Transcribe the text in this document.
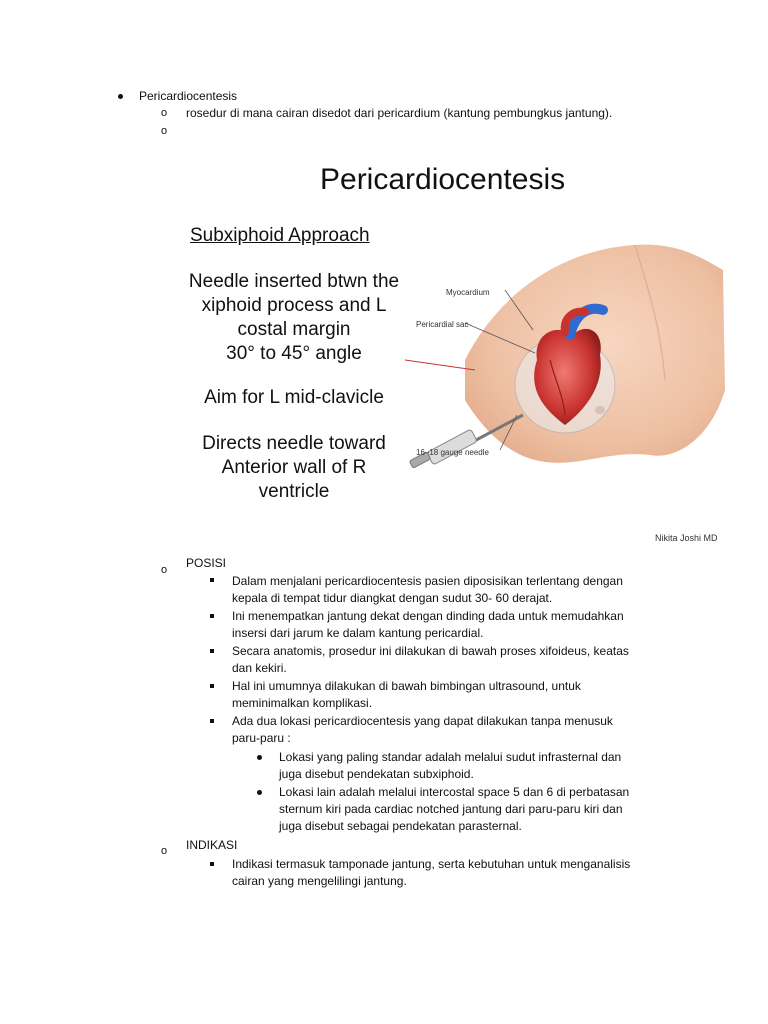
Pericardiocentesis
o rosedur di mana cairan disedot dari pericardium (kantung pembungkus jantung).
o
Pericardiocentesis
Subxiphoid Approach
Needle inserted btwn the
xiphoid process and L
costal margin
30° to 45° angle
Aim for L mid-clavicle
Directs needle toward
Anterior wall of R
ventricle
Myocardium
Pericardial sac
16–18 gauge needle
Nikita Joshi MD
o POSISI
Dalam menjalani pericardiocentesis pasien diposisikan terlentang dengan
kepala di tempat tidur diangkat dengan sudut 30- 60 derajat.
Ini menempatkan jantung dekat dengan dinding dada untuk memudahkan
insersi dari jarum ke dalam kantung pericardial.
Secara anatomis, prosedur ini dilakukan di bawah proses xifoideus, keatas
dan kekiri.
Hal ini umumnya dilakukan di bawah bimbingan ultrasound, untuk
meminimalkan komplikasi.
Ada dua lokasi pericardiocentesis yang dapat dilakukan tanpa menusuk
paru-paru :
Lokasi yang paling standar adalah melalui sudut infrasternal dan
juga disebut pendekatan subxiphoid.
Lokasi lain adalah melalui intercostal space 5 dan 6 di perbatasan
sternum kiri pada cardiac notched jantung dari paru-paru kiri dan
juga disebut sebagai pendekatan parasternal.
o INDIKASI
Indikasi termasuk tamponade jantung, serta kebutuhan untuk menganalisis
cairan yang mengelilingi jantung.
